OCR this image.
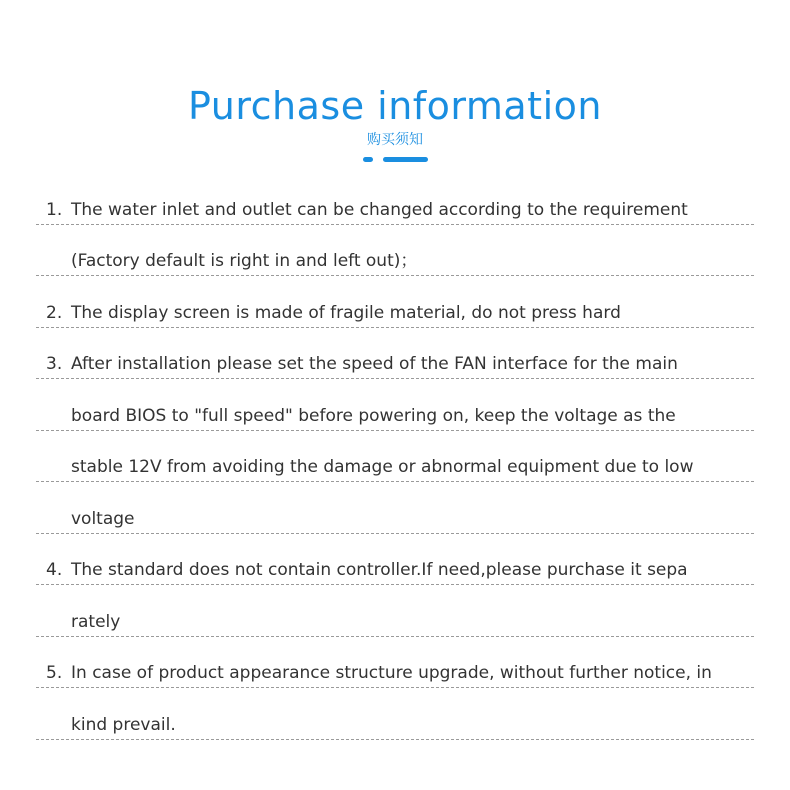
Purchase information
购买须知
1. The water inlet and outlet can be changed according to the requirement
(Factory default is right in and left out)；
2. The display screen is made of fragile material, do not press hard
3. After installation please set the speed of the FAN interface for the main
board BIOS to "full speed" before powering on, keep the voltage as the
stable 12V from avoiding the damage or abnormal equipment due to low
voltage
4. The standard does not contain controller.If need,please purchase it sepa
rately
5. In case of product appearance structure upgrade, without further notice, in
kind prevail.
